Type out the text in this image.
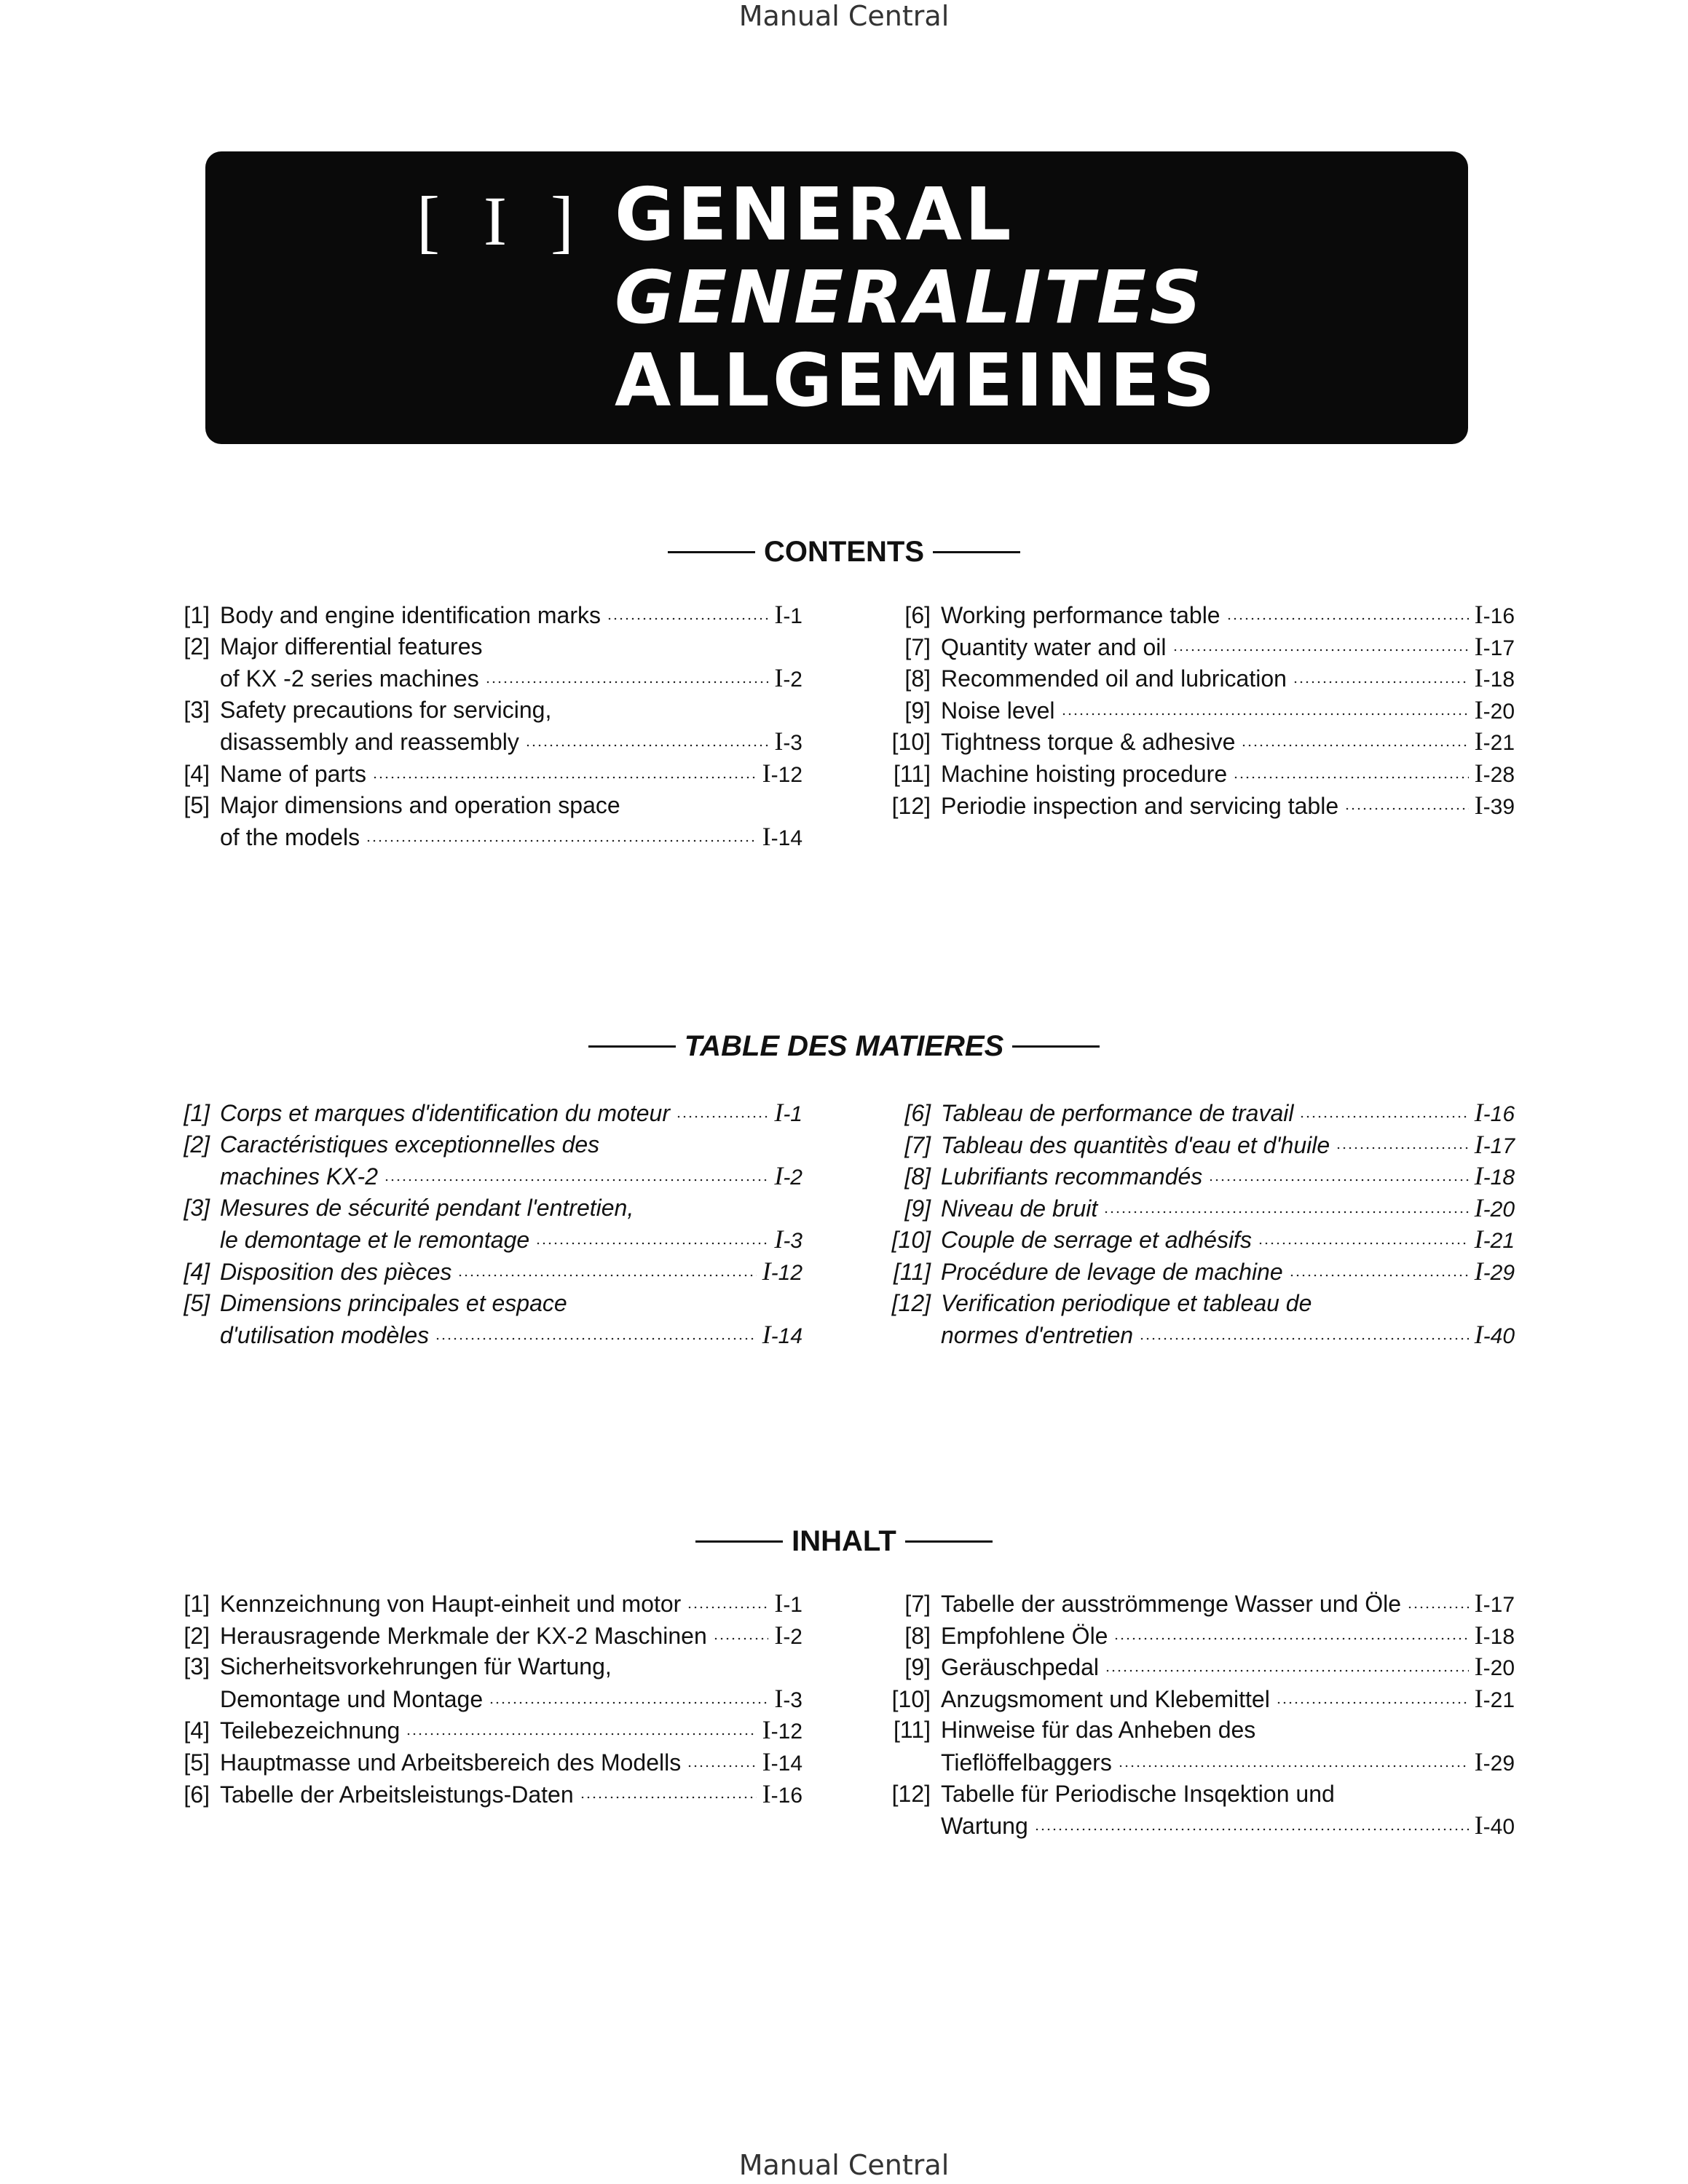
Manual Central
[ I ] GENERAL
GENERALITES
ALLGEMEINES
CONTENTS
[1] Body and engine identification marks	I-1
[2] Major differential features
of KX -2 series machines	I-2
[3] Safety precautions for servicing,
disassembly and reassembly	I-3
[4] Name of parts	I-12
[5] Major dimensions and operation space
of the models	I-14
[6] Working performance table	I-16
[7] Quantity water and oil	I-17
[8] Recommended oil and lubrication	I-18
[9] Noise level	I-20
[10] Tightness torque & adhesive	I-21
[11] Machine hoisting procedure	I-28
[12] Periodie inspection and servicing table	I-39
TABLE DES MATIERES
[1] Corps et marques d'identification du moteur	I-1
[2] Caractéristiques exceptionnelles des
machines KX-2	I-2
[3] Mesures de sécurité pendant l'entretien,
le demontage et le remontage	I-3
[4] Disposition des pièces	I-12
[5] Dimensions principales et espace
d'utilisation modèles	I-14
[6] Tableau de performance de travail	I-16
[7] Tableau des quantitès d'eau et d'huile	I-17
[8] Lubrifiants recommandés	I-18
[9] Niveau de bruit	I-20
[10] Couple de serrage et adhésifs	I-21
[11] Procédure de levage de machine	I-29
[12] Verification periodique et tableau de
normes d'entretien	I-40
INHALT
[1] Kennzeichnung von Haupt-einheit und motor	I-1
[2] Herausragende Merkmale der KX-2 Maschinen	I-2
[3] Sicherheitsvorkehrungen für Wartung,
Demontage und Montage	I-3
[4] Teilebezeichnung	I-12
[5] Hauptmasse und Arbeitsbereich des Modells	I-14
[6] Tabelle der Arbeitsleistungs-Daten	I-16
[7] Tabelle der ausströmmenge Wasser und Öle	I-17
[8] Empfohlene Öle	I-18
[9] Geräuschpedal	I-20
[10] Anzugsmoment und Klebemittel	I-21
[11] Hinweise für das Anheben des
Tieflöffelbaggers	I-29
[12] Tabelle für Periodische Insqektion und
Wartung	I-40
Manual Central
